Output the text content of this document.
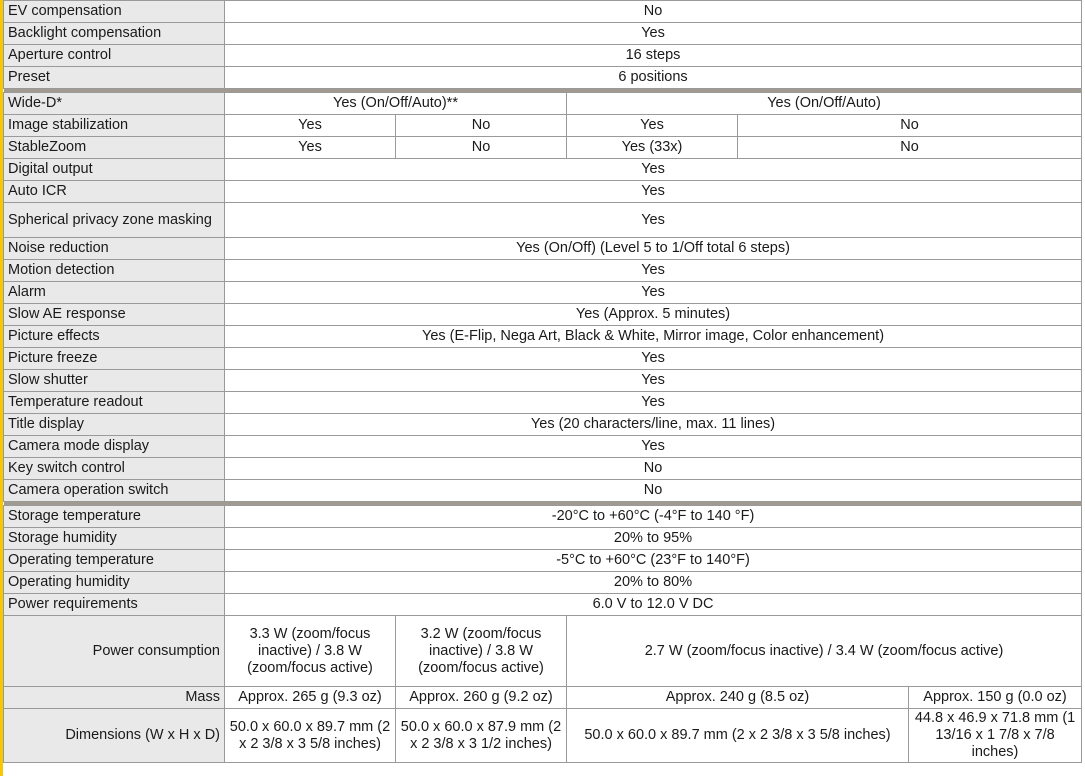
EV compensation	No				
Backlight compensation	Yes				
Aperture control	16 steps				
Preset	6 positions				

Wide-D*	Yes (On/Off/Auto)**		Yes (On/Off/Auto)		
Image stabilization	Yes	No	Yes	No	
StableZoom	Yes	No	Yes (33x)	No	
Digital output	Yes				
Auto ICR	Yes				
Spherical privacy zone masking	Yes				
Noise reduction	Yes (On/Off) (Level 5 to 1/Off total 6 steps)				
Motion detection	Yes				
Alarm	Yes				
Slow AE response	Yes (Approx. 5 minutes)				
Picture effects	Yes (E-Flip, Nega Art, Black & White, Mirror image, Color enhancement)				
Picture freeze	Yes				
Slow shutter	Yes				
Temperature readout	Yes				
Title display	Yes (20 characters/line, max. 11 lines)				
Camera mode display	Yes				
Key switch control	No				
Camera operation switch	No				

Storage temperature	-20°C to +60°C (-4°F to 140 °F)				
Storage humidity	20% to 95%				
Operating temperature	-5°C to +60°C (23°F to 140°F)				
Operating humidity	20% to 80%				
Power requirements	6.0 V to 12.0 V DC				
Power consumption	3.3 W (zoom/focus inactive) / 3.8 W (zoom/focus active)	3.2 W (zoom/focus inactive) / 3.8 W (zoom/focus active)	2.7 W (zoom/focus inactive) / 3.4 W (zoom/focus active)		
Mass	Approx. 265 g (9.3 oz)	Approx. 260 g (9.2 oz)	Approx. 240 g (8.5 oz)		Approx. 150 g (0.0 oz)
Dimensions (W x H x D)	50.0 x 60.0 x 89.7 mm (2 x 2 3/8 x 3 5/8 inches)	50.0 x 60.0 x 87.9 mm (2 x 2 3/8 x 3 1/2 inches)	50.0 x 60.0 x 89.7 mm (2 x 2 3/8 x 3 5/8 inches)		44.8 x 46.9 x 71.8 mm (1 13/16 x 1 7/8 x 7/8 inches)
